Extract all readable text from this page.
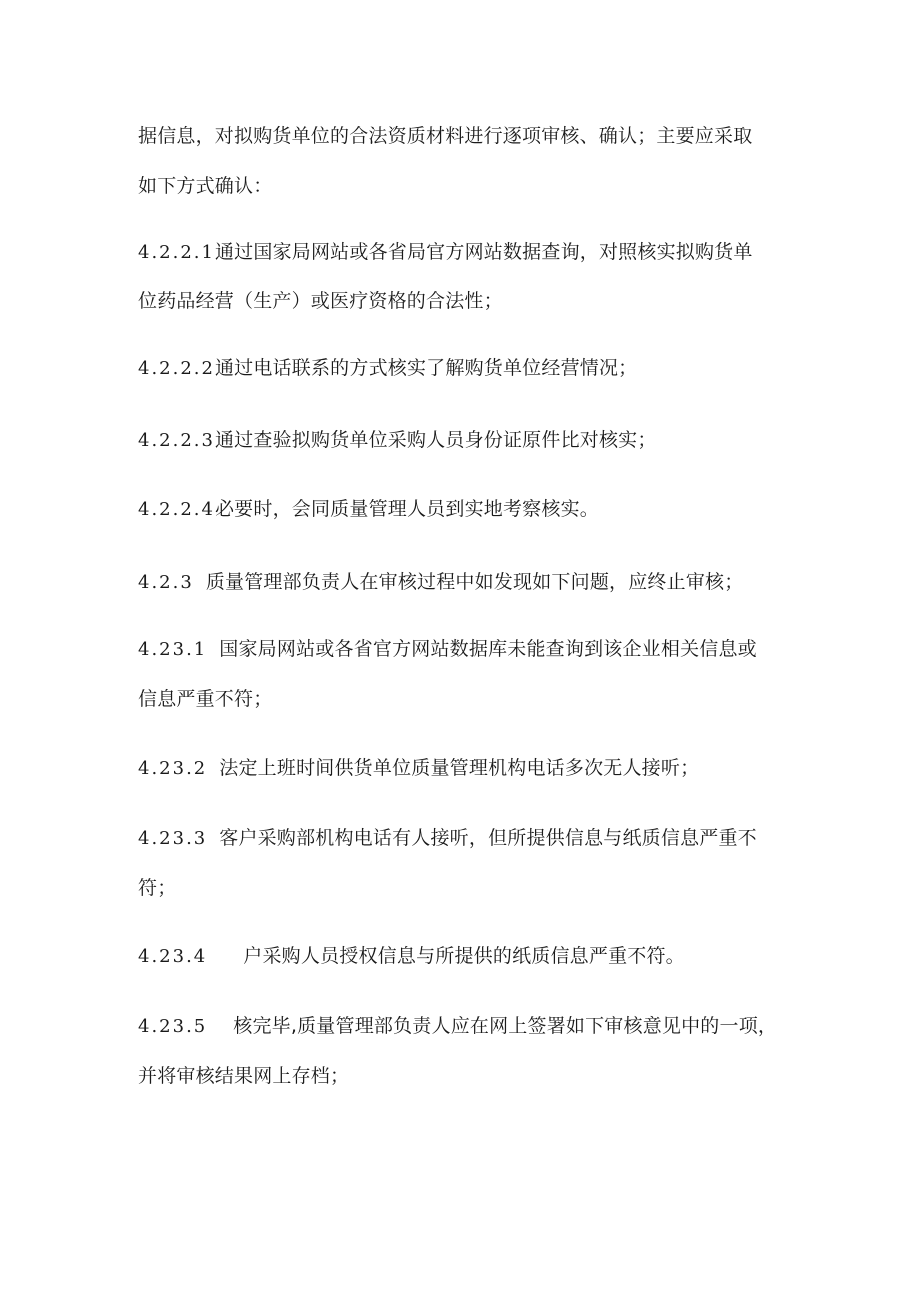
据信息，对拟购货单位的合法资质材料进行逐项审核、确认；主要应采取
如下方式确认：
4.2.2.1通过国家局网站或各省局官方网站数据查询，对照核实拟购货单
位药品经营（生产）或医疗资格的合法性；
4.2.2.2通过电话联系的方式核实了解购货单位经营情况；
4.2.2.3通过查验拟购货单位采购人员身份证原件比对核实；
4.2.2.4必要时，会同质量管理人员到实地考察核实。
4.2.3 质量管理部负责人在审核过程中如发现如下问题，应终止审核；
4.23.1 国家局网站或各省官方网站数据库未能查询到该企业相关信息或
信息严重不符；
4.23.2 法定上班时间供货单位质量管理机构电话多次无人接听；
4.23.3 客户采购部机构电话有人接听，但所提供信息与纸质信息严重不
符；
4.23.4 户采购人员授权信息与所提供的纸质信息严重不符。
4.23.5 核完毕,质量管理部负责人应在网上签署如下审核意见中的一项，
并将审核结果网上存档；
